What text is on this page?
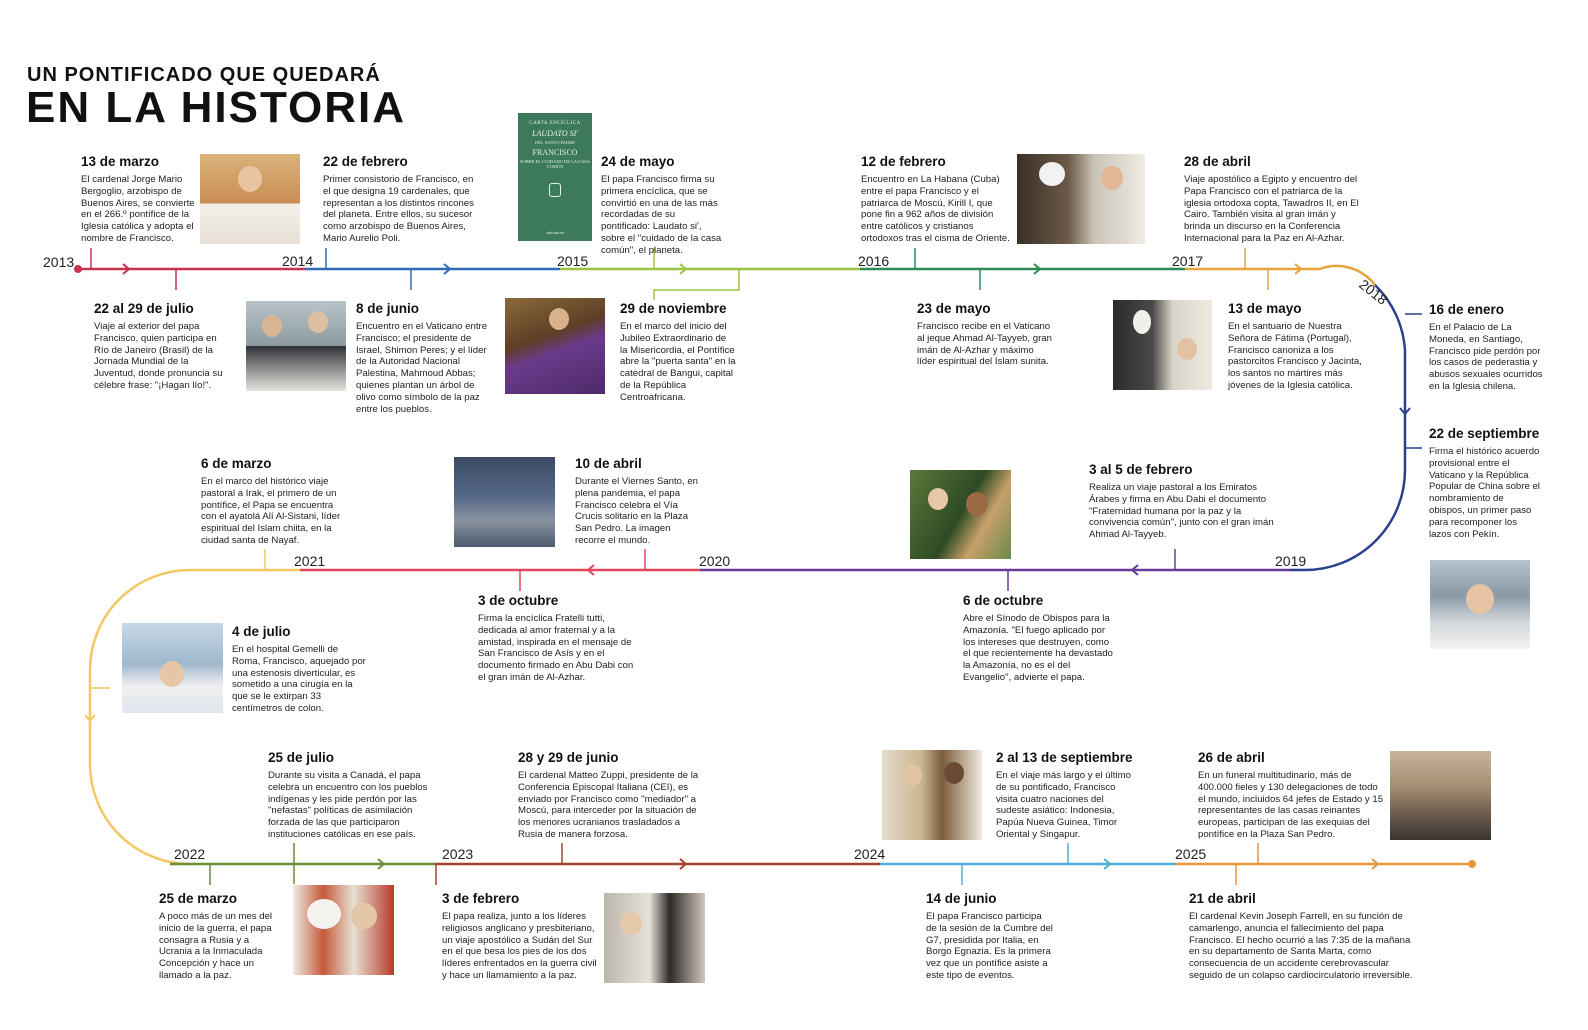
UN PONTIFICADO QUE QUEDARÁ
EN LA HISTORIA
2013	2014	2015	2016	2017
2018
2019
2020
2021
2022	2023	2024	2025
CARTA ENCÍCLICA
LAUDATO SI'
DEL SANTO PADRE
FRANCISCO
SOBRE EL CUIDADO DE LA CASA COMÚN
vatican.va
13 de marzo
El cardenal Jorge Mario Bergoglio, arzobispo de Buenos Aires, se convierte en el 266.º pontífice de la Iglesia católica y adopta el nombre de Francisco.
22 de febrero
Primer consistorio de Francisco, en el que designa 19 cardenales, que representan a los distintos rincones del planeta. Entre ellos, su sucesor como arzobispo de Buenos Aires, Mario Aurelio Poli.
24 de mayo
El papa Francisco firma su primera encíclica, que se convirtió en una de las más recordadas de su pontificado: Laudato si', sobre el "cuidado de la casa común", el planeta.
12 de febrero
Encuentro en La Habana (Cuba) entre el papa Francisco y el patriarca de Moscú, Kirill I, que pone fin a 962 años de división entre católicos y cristianos ortodoxos tras el cisma de Oriente.
28 de abril
Viaje apostólico a Egipto y encuentro del Papa Francisco con el patriarca de la iglesia ortodoxa copta, Tawadros II, en El Cairo. También visita al gran imán y brinda un discurso en la Conferencia Internacional para la Paz en Al-Azhar.
22 al 29 de julio
Viaje al exterior del papa Francisco, quien participa en Río de Janeiro (Brasil) de la Jornada Mundial de la Juventud, donde pronuncia su célebre frase: "¡Hagan lío!".
8 de junio
Encuentro en el Vaticano entre Francisco; el presidente de Israel, Shimon Peres; y el líder de la Autoridad Nacional Palestina, Mahmoud Abbas; quienes plantan un árbol de olivo como símbolo de la paz entre los pueblos.
29 de noviembre
En el marco del inicio del Jubileo Extraordinario de la Misericordia, el Pontífice abre la "puerta santa" en la catedral de Bangui, capital de la República Centroafricana.
23 de mayo
Francisco recibe en el Vaticano al jeque Ahmad Al-Tayyeb, gran imán de Al-Azhar y máximo líder espiritual del Islam sunita.
13 de mayo
En el santuario de Nuestra Señora de Fátima (Portugal), Francisco canoniza a los pastorcitos Francisco y Jacinta, los santos no mártires más jóvenes de la Iglesia católica.
16 de enero
En el Palacio de La Moneda, en Santiago, Francisco pide perdón por los casos de pederastia y abusos sexuales ocurridos en la Iglesia chilena.
22 de septiembre
Firma el histórico acuerdo provisional entre el Vaticano y la República Popular de China sobre el nombramiento de obispos, un primer paso para recomponer los lazos con Pekín.
6 de marzo
En el marco del histórico viaje pastoral a Irak, el primero de un pontífice, el Papa se encuentra con el ayatolá Alí Al-Sistani, líder espiritual del Islam chiita, en la ciudad santa de Nayaf.
10 de abril
Durante el Viernes Santo, en plena pandemia, el papa Francisco celebra el Vía Crucis solitario en la Plaza San Pedro. La imagen recorre el mundo.
3 al 5 de febrero
Realiza un viaje pastoral a los Emiratos Árabes y firma en Abu Dabi el documento "Fraternidad humana por la paz y la convivencia común", junto con el gran imán Ahmad Al-Tayyeb.
3 de octubre
Firma la encíclica Fratelli tutti, dedicada al amor fraternal y a la amistad, inspirada en el mensaje de San Francisco de Asís y en el documento firmado en Abu Dabi con el gran imán de Al-Azhar.
6 de octubre
Abre el Sínodo de Obispos para la Amazonía. "El fuego aplicado por los intereses que destruyen, como el que recientemente ha devastado la Amazonía, no es el del Evangelio", advierte el papa.
4 de julio
En el hospital Gemelli de Roma, Francisco, aquejado por una estenosis diverticular, es sometido a una cirugía en la que se le extirpan 33 centímetros de colon.
25 de julio
Durante su visita a Canadá, el papa celebra un encuentro con los pueblos indígenas y les pide perdón por las "nefastas" políticas de asimilación forzada de las que participaron instituciones católicas en ese país.
28 y 29 de junio
El cardenal Matteo Zuppi, presidente de la Conferencia Episcopal Italiana (CEI), es enviado por Francisco como "mediador" a Moscú, para interceder por la situación de los menores ucranianos trasladados a Rusia de manera forzosa.
2 al 13 de septiembre
En el viaje más largo y el último de su pontificado, Francisco visita cuatro naciones del sudeste asiático: Indonesia, Papúa Nueva Guinea, Timor Oriental y Singapur.
26 de abril
En un funeral multitudinario, más de 400.000 fieles y 130 delegaciones de todo el mundo, incluidos 64 jefes de Estado y 15 representantes de las casas reinantes europeas, participan de las exequias del pontífice en la Plaza San Pedro.
25 de marzo
A poco más de un mes del inicio de la guerra, el papa consagra a Rusia y a Ucrania a la Inmaculada Concepción y hace un llamado a la paz.
3 de febrero
El papa realiza, junto a los líderes religiosos anglicano y presbiteriano, un viaje apostólico a Sudán del Sur en el que besa los pies de los dos líderes enfrentados en la guerra civil y hace un llamamiento a la paz.
14 de junio
El papa Francisco participa de la sesión de la Cumbre del G7, presidida por Italia, en Borgo Egnazia. Es la primera vez que un pontífice asiste a este tipo de eventos.
21 de abril
El cardenal Kevin Joseph Farrell, en su función de camarlengo, anuncia el fallecimiento del papa Francisco. El hecho ocurrió a las 7:35 de la mañana en su departamento de Santa Marta, como consecuencia de un accidente cerebrovascular seguido de un colapso cardiocirculatorio irreversible.
